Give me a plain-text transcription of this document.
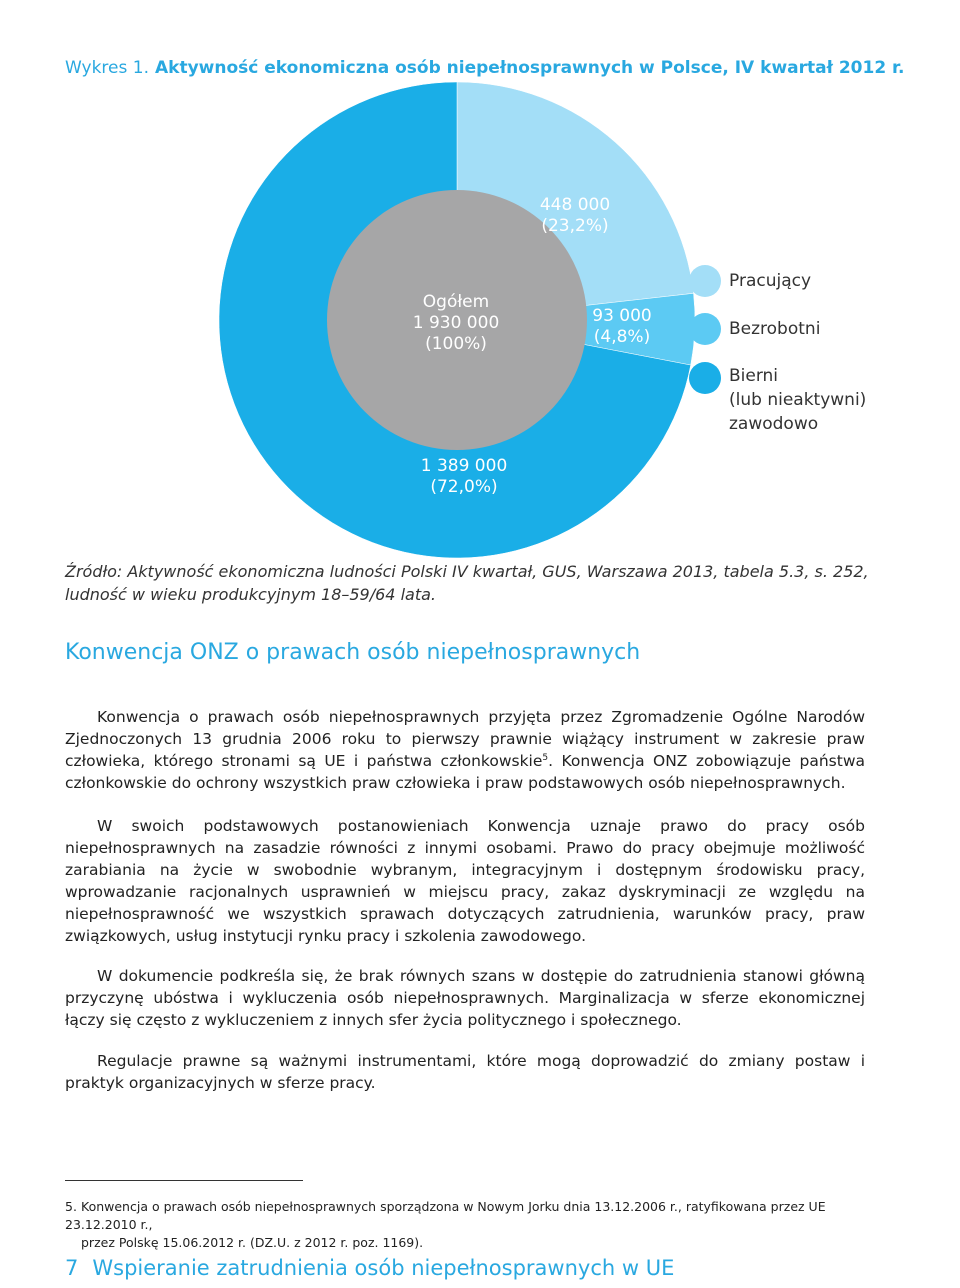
Wykres 1. Aktywność ekonomiczna osób niepełnosprawnych w Polsce, IV kwartał 2012 r.
448 000
(23,2%)
93 000
(4,8%)
1 389 000
(72,0%)
Ogółem
1 930 000
(100%)
Pracujący
Bezrobotni
Bierni
(lub nieaktywni)
zawodowo
Źródło: Aktywność ekonomiczna ludności Polski IV kwartał, GUS, Warszawa 2013, tabela 5.3, s. 252, ludność w wieku produkcyjnym 18–59/64 lata.
Konwencja ONZ o prawach osób niepełnosprawnych
Konwencja o prawach osób niepełnosprawnych przyjęta przez Zgromadzenie Ogólne Narodów Zjednoczonych 13 grudnia 2006 roku to pierwszy prawnie wiążący instrument w zakresie praw człowieka, którego stronami są UE i państwa członkowskie$^5$. Konwencja ONZ zobowiązuje państwa członkowskie do ochrony wszystkich praw człowieka i praw podstawowych osób niepełnosprawnych.
W swoich podstawowych postanowieniach Konwencja uznaje prawo do pracy osób niepełnosprawnych na zasadzie równości z innymi osobami. Prawo do pracy obejmuje możliwość zarabiania na życie w swobodnie wybranym, integracyjnym i dostępnym środowisku pracy, wprowadzanie racjonalnych usprawnień w miejscu pracy, zakaz dyskryminacji ze względu na niepełnosprawność we wszystkich sprawach dotyczących zatrudnienia, warunków pracy, praw związkowych, usług instytucji rynku pracy i szkolenia zawodowego.
W dokumencie podkreśla się, że brak równych szans w dostępie do zatrudnienia stanowi główną przyczynę ubóstwa i wykluczenia osób niepełnosprawnych. Marginalizacja w sferze ekonomicznej łączy się często z wykluczeniem z innych sfer życia politycznego i społecznego.
Regulacje prawne są ważnymi instrumentami, które mogą doprowadzić do zmiany postaw i praktyk organizacyjnych w sferze pracy.
5. Konwencja o prawach osób niepełnosprawnych sporządzona w Nowym Jorku dnia 13.12.2006 r., ratyfikowana przez UE 23.12.2010 r.,
przez Polskę 15.06.2012 r. (DZ.U. z 2012 r. poz. 1169).
7 Wspieranie zatrudnienia osób niepełnosprawnych w UE
